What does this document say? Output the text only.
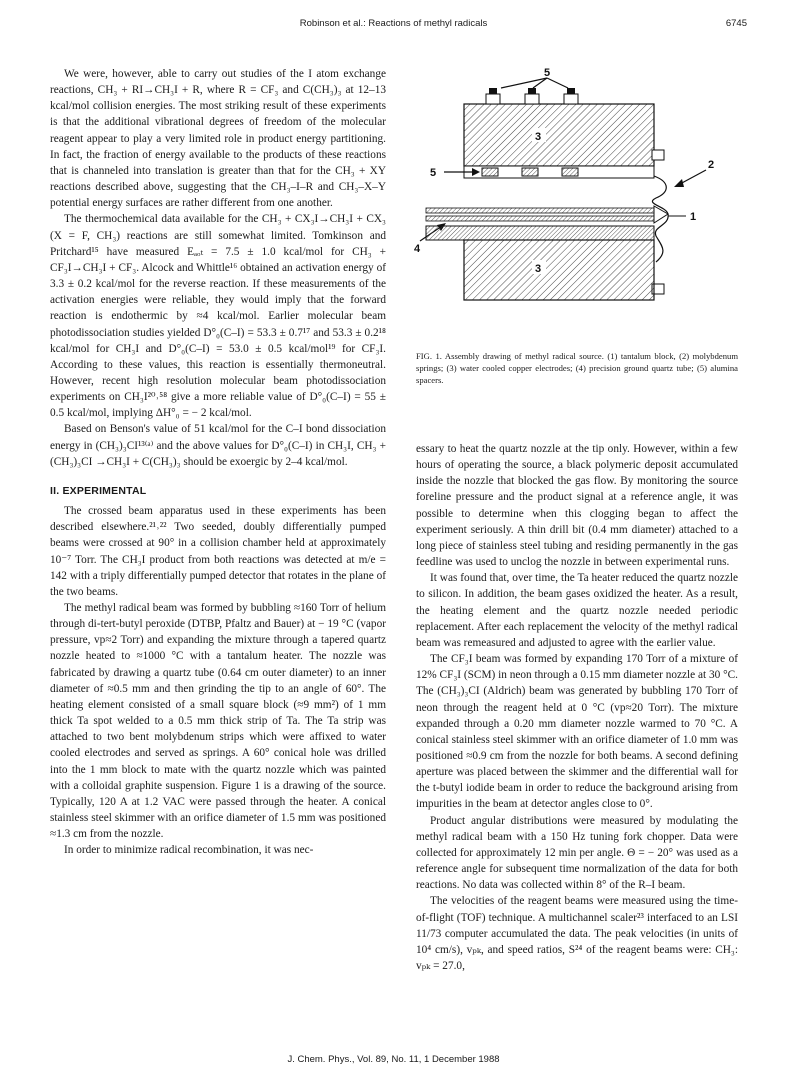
Robinson et al.: Reactions of methyl radicals	6745

We were, however, able to carry out studies of the I atom exchange reactions, CH₃ + RI→CH₃I + R, where R = CF₃ and C(CH₃)₃ at 12–13 kcal/mol collision energies. The most striking result of these experiments is that the additional vibrational degrees of freedom of the molecular reagent appear to play a very limited role in product energy partitioning. In fact, the fraction of energy available to the products of these reactions that is channeled into translation is greater than that for the CH₃ + XY reactions described above, suggesting that the CH₃–I–R and CH₃–X–Y potential energy surfaces are rather different from one another.

The thermochemical data available for the CH₃ + CX₃I→CH₃I + CX₃ (X = F, CH₃) reactions are still somewhat limited. Tomkinson and Pritchard¹⁵ have measured Eₐₒₜ = 7.5 ± 1.0 kcal/mol for CH₃ + CF₃I→CH₃I + CF₃. Alcock and Whittle¹⁶ obtained an activation energy of 3.3 ± 0.2 kcal/mol for the reverse reaction. If these measurements of the activation energies were reliable, they would imply that the forward reaction is endothermic by ≈4 kcal/mol. Earlier molecular beam photodissociation studies yielded D°₀(C–I) = 53.3 ± 0.7¹⁷ and 53.3 ± 0.2¹⁸ kcal/mol for CH₃I and D°₀(C–I) = 53.0 ± 0.5 kcal/mol¹⁹ for CF₃I. According to these values, this reaction is essentially thermoneutral. However, recent high resolution molecular beam photodissociation experiments on CH₃I²⁰˒⁵⁸ give a more reliable value of D°₀(C–I) = 55 ± 0.5 kcal/mol, implying ΔH°₀ = − 2 kcal/mol.

Based on Benson's value of 51 kcal/mol for the C–I bond dissociation energy in (CH₃)₃CI¹³⁽ᵃ⁾ and the above values for D°₀(C–I) in CH₃I, CH₃ + (CH₃)₃CI →CH₃I + C(CH₃)₃ should be exoergic by 2–4 kcal/mol.

II. EXPERIMENTAL

The crossed beam apparatus used in these experiments has been described elsewhere.²¹˒²² Two seeded, doubly differentially pumped beams were crossed at 90° in a collision chamber held at approximately 10⁻⁷ Torr. The CH₃I product from both reactions was detected at m/e = 142 with a triply differentially pumped detector that rotates in the plane of the two beams.

The methyl radical beam was formed by bubbling ≈160 Torr of helium through di-tert-butyl peroxide (DTBP, Pfaltz and Bauer) at − 19 °C (vapor pressure, vp≈2 Torr) and expanding the mixture through a tapered quartz nozzle heated to ≈1000 °C with a tantalum heater. The nozzle was fabricated by drawing a quartz tube (0.64 cm outer diameter) to an inner diameter of ≈0.5 mm and then grinding the tip to an angle of 60°. The heating element consisted of a small square block (≈9 mm²) of 1 mm thick Ta spot welded to a 0.5 mm thick strip of Ta. The Ta strip was attached to two bent molybdenum strips which were affixed to water cooled electrodes and served as springs. A 60° conical hole was drilled into the 1 mm block to mate with the quartz nozzle which was painted with a colloidal graphite suspension. Figure 1 is a drawing of the source. Typically, 120 A at 1.2 VAC were passed through the heater. A conical stainless steel skimmer with an orifice diameter of 1.5 mm was positioned ≈1.3 cm from the nozzle.

In order to minimize radical recombination, it was nec-

5
5
2
1
4
3
3
FIG. 1. Assembly drawing of methyl radical source. (1) tantalum block, (2) molybdenum springs; (3) water cooled copper electrodes; (4) precision ground quartz tube; (5) alumina spacers.

essary to heat the quartz nozzle at the tip only. However, within a few hours of operating the source, a black polymeric deposit accumulated inside the nozzle that blocked the gas flow. By monitoring the source foreline pressure and the product signal at a reference angle, it was possible to determine when this clogging began to affect the experiment seriously. A thin drill bit (0.4 mm diameter) attached to a long piece of stainless steel tubing and residing permanently in the gas feedline was used to unclog the nozzle in between experimental runs.

It was found that, over time, the Ta heater reduced the quartz nozzle to silicon. In addition, the beam gases oxidized the heater. As a result, the heating element and the quartz nozzle needed periodic replacement. After each replacement the velocity of the methyl radical beam was remeasured and adjusted to agree with the earlier value.

The CF₃I beam was formed by expanding 170 Torr of a mixture of 12% CF₃I (SCM) in neon through a 0.15 mm diameter nozzle at 30 °C. The (CH₃)₃CI (Aldrich) beam was generated by bubbling 170 Torr of neon through the reagent held at 0 °C (vp≈20 Torr). The mixture expanded through a 0.20 mm diameter nozzle warmed to 70 °C. A conical stainless steel skimmer with an orifice diameter of 1.0 mm was positioned ≈0.9 cm from the nozzle for both beams. A second defining aperture was placed between the skimmer and the differential wall for the t-butyl iodide beam in order to reduce the background arising from impurities in the beam at detector angles close to 0°.

Product angular distributions were measured by modulating the methyl radical beam with a 150 Hz tuning fork chopper. Data were collected for approximately 12 min per angle. Θ = − 20° was used as a reference angle for subsequent time normalization of the data for both reactions. No data was collected within 8° of the R–I beam.

The velocities of the reagent beams were measured using the time-of-flight (TOF) technique. A multichannel scaler²³ interfaced to an LSI 11/73 computer accumulated the data. The peak velocities (in units of 10⁴ cm/s), vₚₖ, and speed ratios, S²⁴ of the reagent beams were: CH₃: vₚₖ = 27.0,

J. Chem. Phys., Vol. 89, No. 11, 1 December 1988
